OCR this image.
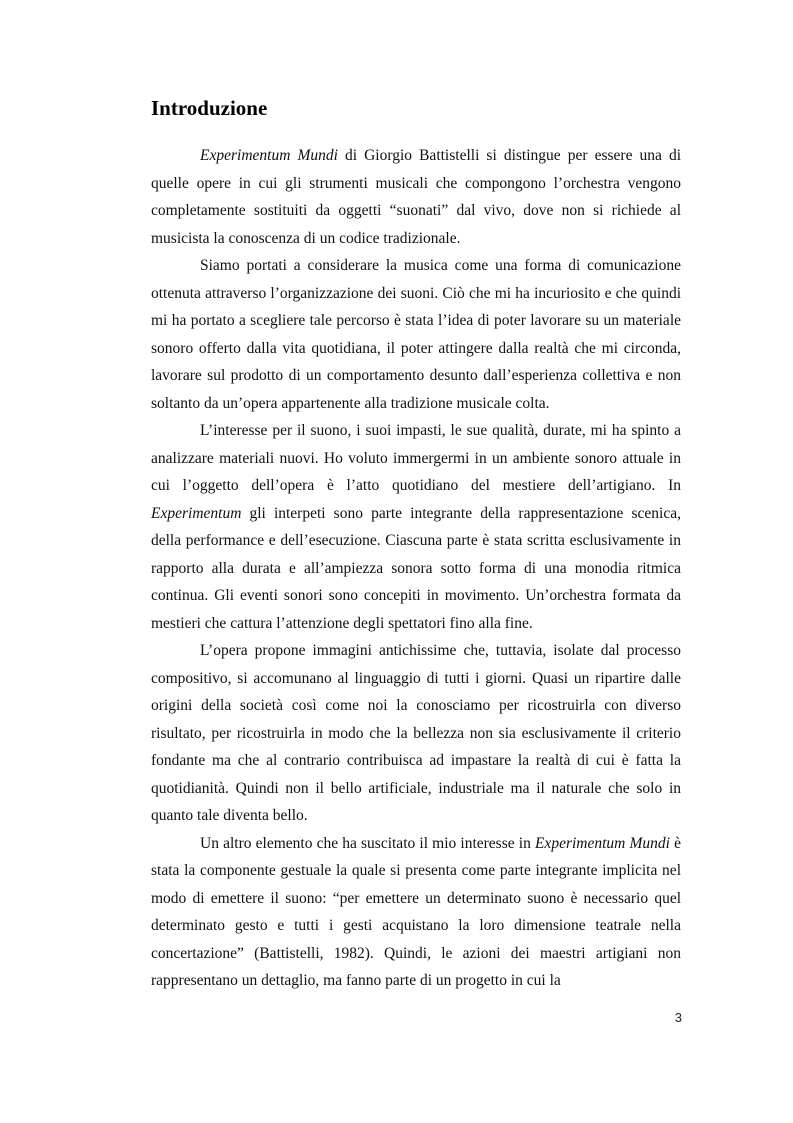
Introduzione

Experimentum Mundi di Giorgio Battistelli si distingue per essere una di quelle opere in cui gli strumenti musicali che compongono l’orchestra vengono completamente sostituiti da oggetti “suonati” dal vivo, dove non si richiede al musicista la conoscenza di un codice tradizionale.

Siamo portati a considerare la musica come una forma di comunicazione ottenuta attraverso l’organizzazione dei suoni. Ciò che mi ha incuriosito e che quindi mi ha portato a scegliere tale percorso è stata l’idea di poter lavorare su un materiale sonoro offerto dalla vita quotidiana, il poter attingere dalla realtà che mi circonda, lavorare sul prodotto di un comportamento desunto dall’esperienza collettiva e non soltanto da un’opera appartenente alla tradizione musicale colta.

L’interesse per il suono, i suoi impasti, le sue qualità, durate, mi ha spinto a analizzare materiali nuovi. Ho voluto immergermi in un ambiente sonoro attuale in cui l’oggetto dell’opera è l’atto quotidiano del mestiere dell’artigiano. In Experimentum gli interpeti sono parte integrante della rappresentazione scenica, della performance e dell’esecuzione. Ciascuna parte è stata scritta esclusivamente in rapporto alla durata e all’ampiezza sonora sotto forma di una monodia ritmica continua. Gli eventi sonori sono concepiti in movimento. Un’orchestra formata da mestieri che cattura l’attenzione degli spettatori fino alla fine.

L’opera propone immagini antichissime che, tuttavia, isolate dal processo compositivo, si accomunano al linguaggio di tutti i giorni. Quasi un ripartire dalle origini della società così come noi la conosciamo per ricostruirla con diverso risultato, per ricostruirla in modo che la bellezza non sia esclusivamente il criterio fondante ma che al contrario contribuisca ad impastare la realtà di cui è fatta la quotidianità. Quindi non il bello artificiale, industriale ma il naturale che solo in quanto tale diventa bello.

Un altro elemento che ha suscitato il mio interesse in Experimentum Mundi è stata la componente gestuale la quale si presenta come parte integrante implicita nel modo di emettere il suono: “per emettere un determinato suono è necessario quel determinato gesto e tutti i gesti acquistano la loro dimensione teatrale nella concertazione” (Battistelli, 1982). Quindi, le azioni dei maestri artigiani non rappresentano un dettaglio, ma fanno parte di un progetto in cui la

3
